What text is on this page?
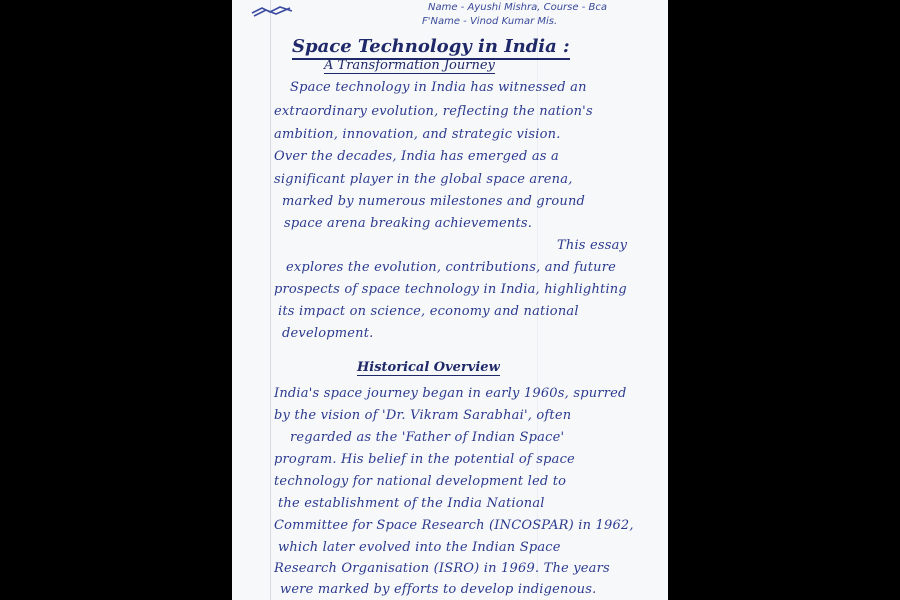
Name - Ayushi Mishra, Course - Bca
F'Name - Vinod Kumar Mis.
Space Technology in India :
A Transformation Journey
Space technology in India has witnessed an
extraordinary evolution, reflecting the nation's
ambition, innovation, and strategic vision.
Over the decades, India has emerged as a
significant player in the global space arena,
marked by numerous milestones and ground
space arena breaking achievements.
This essay
explores the evolution, contributions, and future
prospects of space technology in India, highlighting
its impact on science, economy and national
development.
Historical Overview
India's space journey began in early 1960s, spurred
by the vision of 'Dr. Vikram Sarabhai', often
regarded as the 'Father of Indian Space'
program. His belief in the potential of space
technology for national development led to
the establishment of the India National
Committee for Space Research (INCOSPAR) in 1962,
which later evolved into the Indian Space
Research Organisation (ISRO) in 1969. The years
were marked by efforts to develop indigenous.
